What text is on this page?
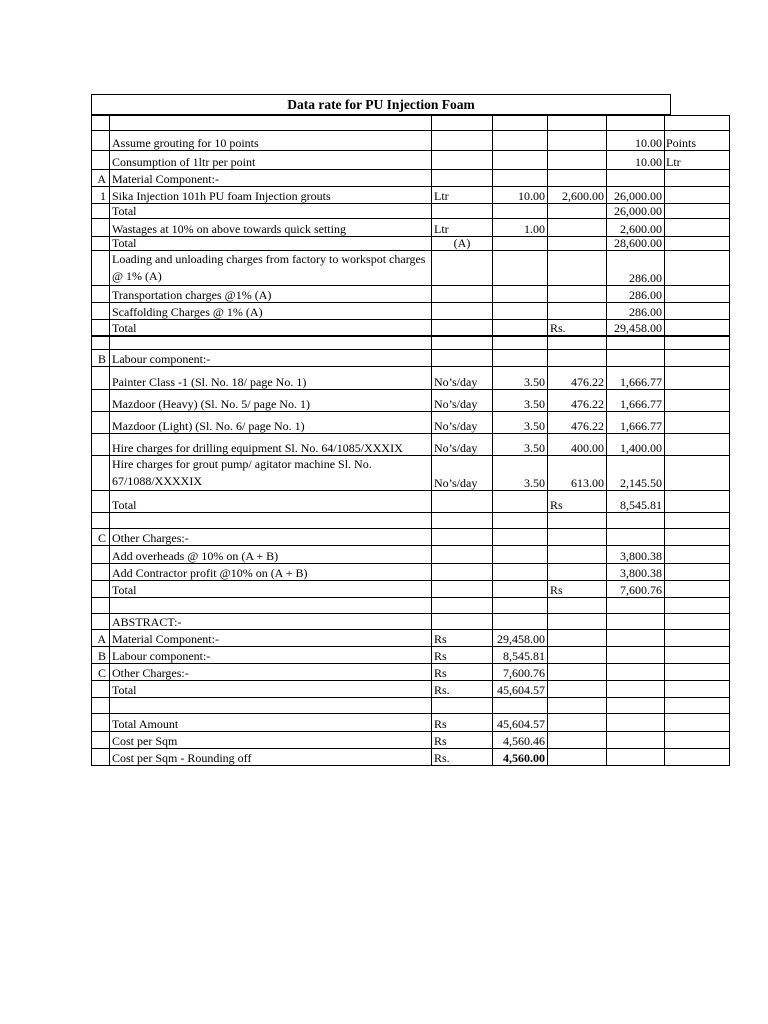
Data rate for PU Injection Foam

	Assume grouting for 10 points				10.00	Points
	Consumption of 1ltr per point				10.00	Ltr
A	Material Component:-					
1	Sika Injection 101h PU foam Injection grouts	Ltr	10.00	2,600.00	26,000.00	
	Total				26,000.00	
	Wastages at 10% on above towards quick setting	Ltr	1.00		2,600.00	
	Total	(A)			28,600.00	
	Loading and unloading charges from factory to workspot charges @ 1% (A)				286.00	
	Transportation charges @1% (A)				286.00	
	Scaffolding Charges @ 1% (A)				286.00	
	Total			Rs.	29,458.00	

B	Labour component:-					
	Painter Class -1 (Sl. No. 18/ page No. 1)	No’s/day	3.50	476.22	1,666.77	
	Mazdoor (Heavy) (Sl. No. 5/ page No. 1)	No’s/day	3.50	476.22	1,666.77	
	Mazdoor (Light) (Sl. No. 6/ page No. 1)	No’s/day	3.50	476.22	1,666.77	
	Hire charges for drilling equipment Sl. No. 64/1085/XXXIX	No’s/day	3.50	400.00	1,400.00	
	Hire charges for grout pump/ agitator machine Sl. No. 67/1088/XXXXIX	No’s/day	3.50	613.00	2,145.50	
	Total			Rs	8,545.81	

C	Other Charges:-					
	Add overheads @ 10% on (A + B)				3,800.38	
	Add Contractor profit @10% on (A + B)				3,800.38	
	Total			Rs	7,600.76	

	ABSTRACT:-					
A	Material Component:-	Rs	29,458.00			
B	Labour component:-	Rs	8,545.81			
C	Other Charges:-	Rs	7,600.76			
	Total	Rs.	45,604.57			

	Total Amount	Rs	45,604.57			
	Cost per Sqm	Rs	4,560.46			
	Cost per Sqm - Rounding off	Rs.	4,560.00			
